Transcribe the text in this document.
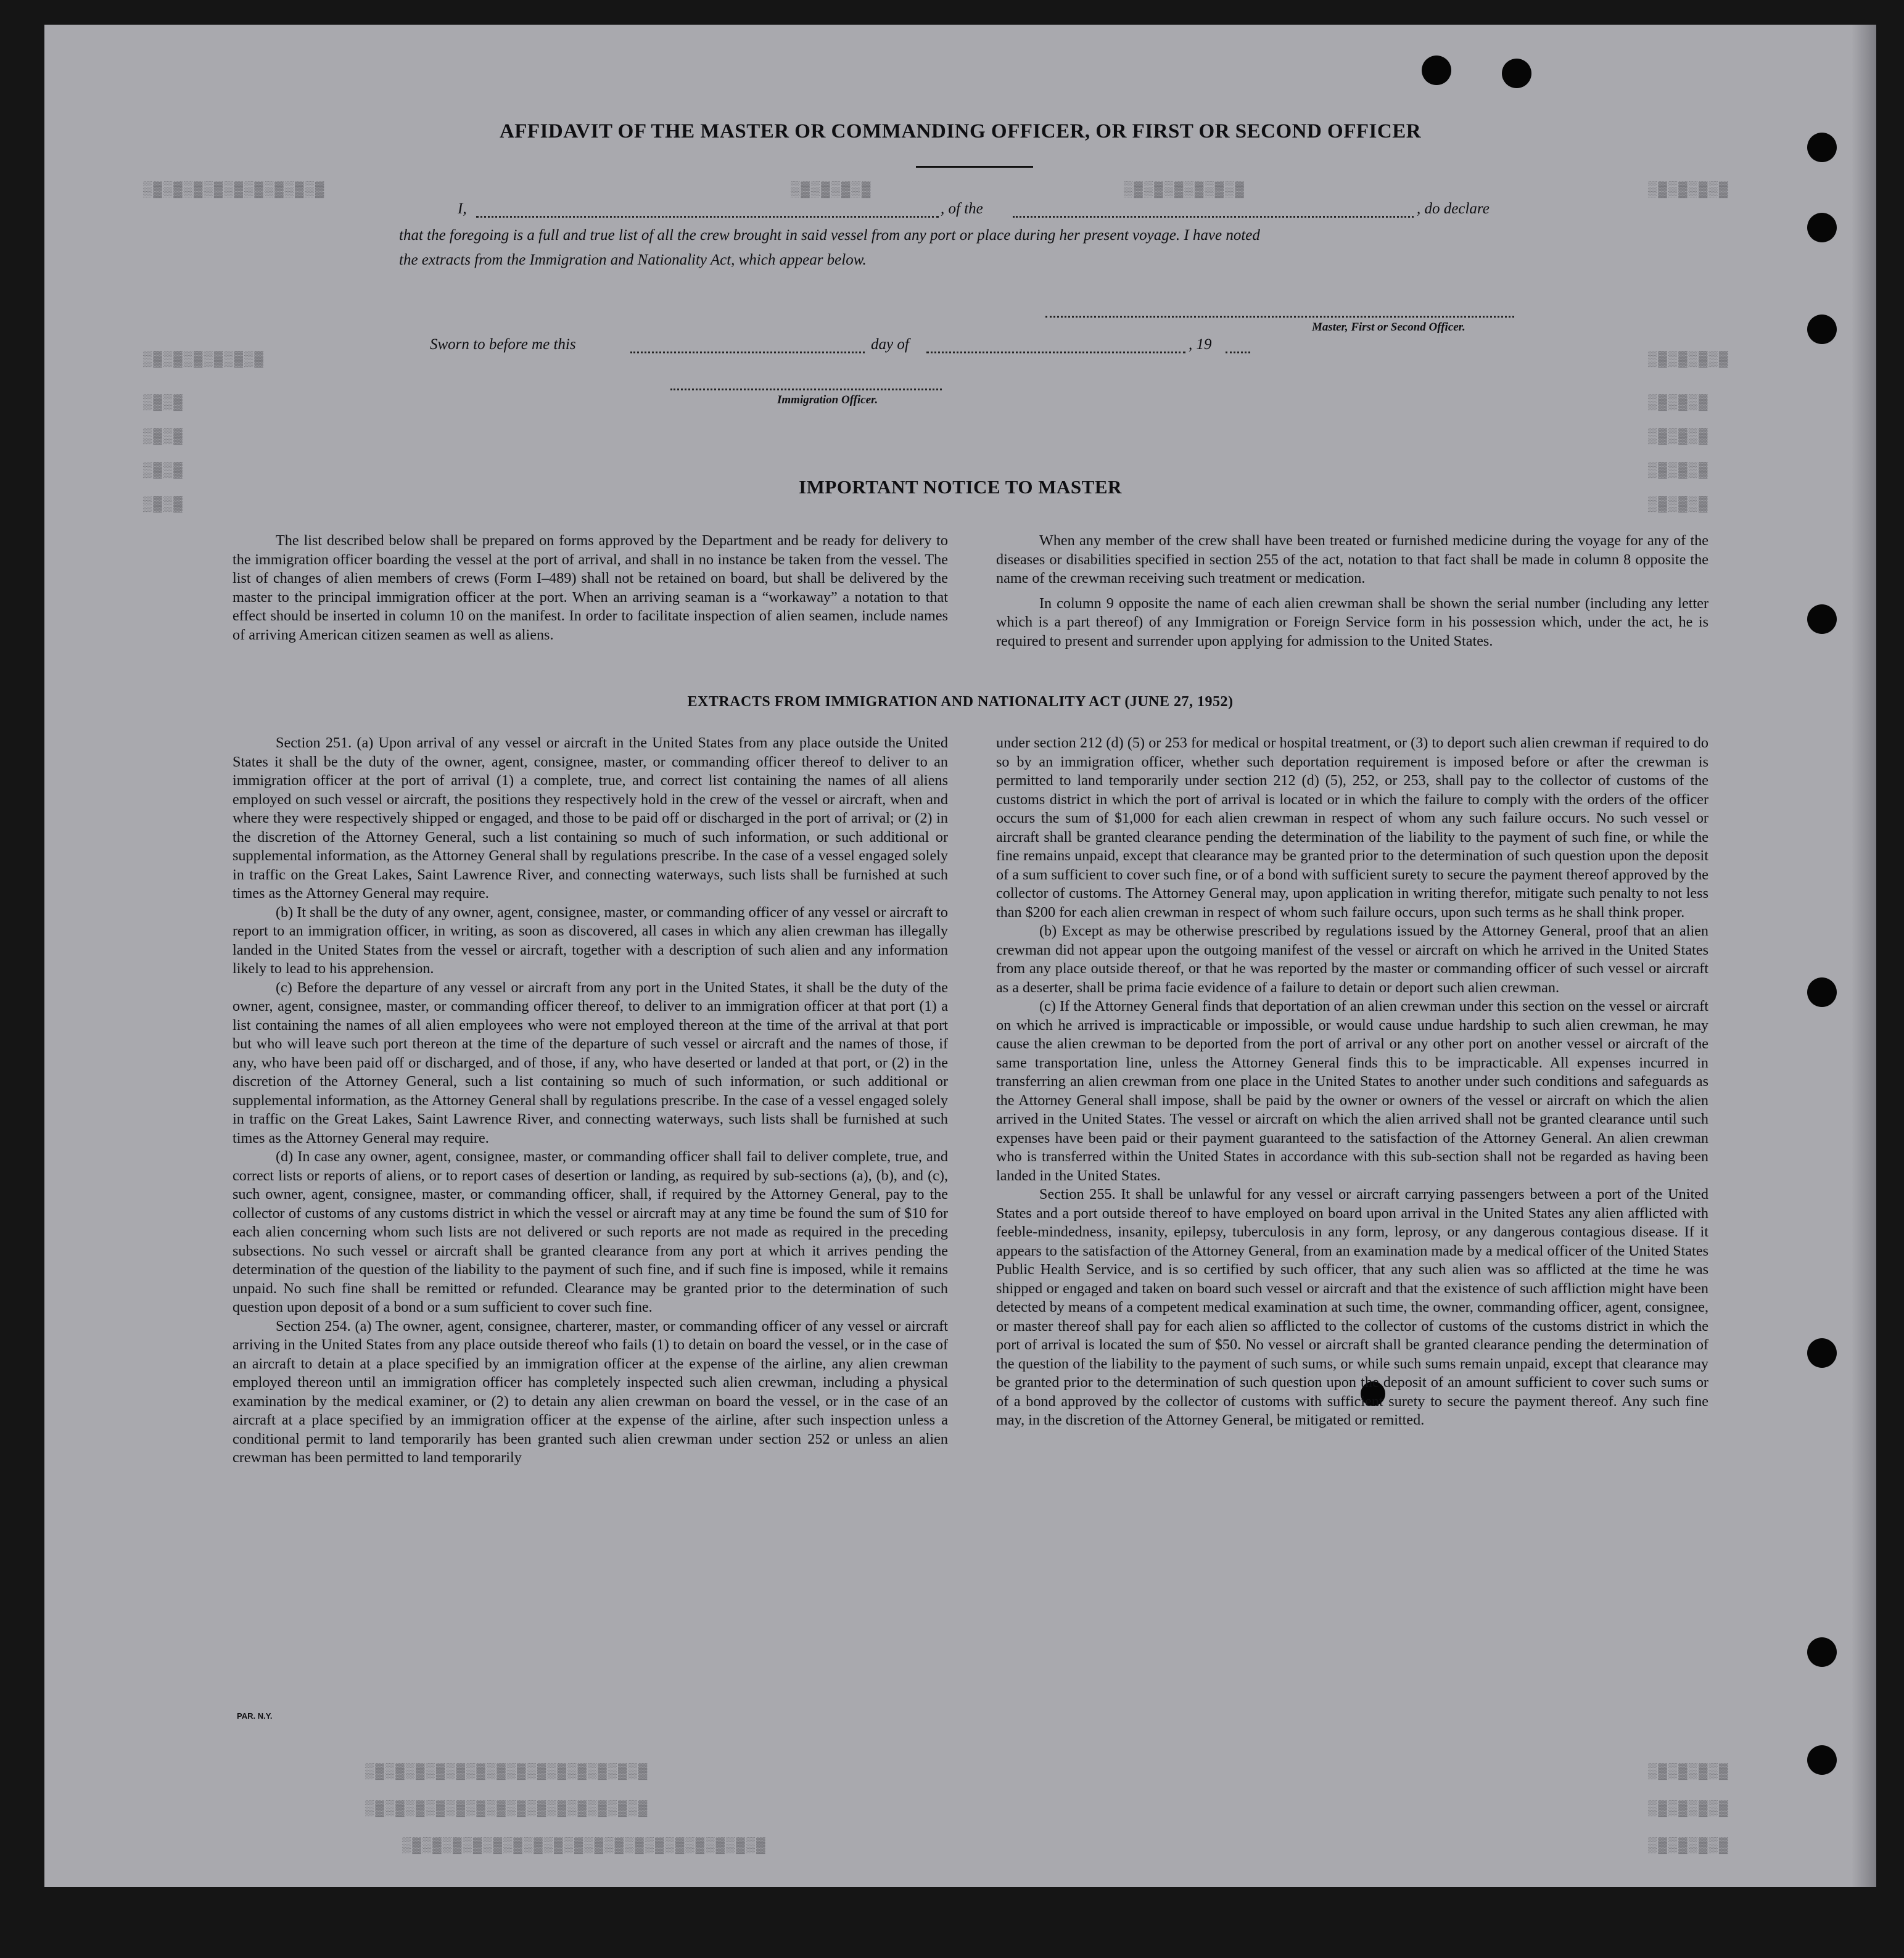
▒▓▒▓▒▓▒▓▒▓▒▓▒▓▒▓▒▓	▒▓▒▓▒▓▒▓	▒▓▒▓▒▓▒▓▒▓▒▓	▒▓▒▓▒▓▒▓
▒▓▒▓▒▓▒▓▒▓▒▓	▒▓▒▓▒▓▒▓
▒▓▒▓
▒▓▒▓
▒▓▒▓
▒▓▒▓
▒▓▒▓▒▓
▒▓▒▓▒▓
▒▓▒▓▒▓
▒▓▒▓▒▓
▒▓▒▓▒▓▒▓▒▓▒▓▒▓▒▓▒▓▒▓▒▓▒▓▒▓▒▓
▒▓▒▓▒▓▒▓▒▓▒▓▒▓▒▓▒▓▒▓▒▓▒▓▒▓▒▓
▒▓▒▓▒▓▒▓▒▓▒▓▒▓▒▓▒▓▒▓▒▓▒▓▒▓▒▓▒▓▒▓▒▓▒▓
▒▓▒▓▒▓▒▓
▒▓▒▓▒▓▒▓
▒▓▒▓▒▓▒▓
AFFIDAVIT OF THE MASTER OR COMMANDING OFFICER, OR FIRST OR SECOND OFFICER
I,	, of the	, do declare
that the foregoing is a full and true list of all the crew brought in said vessel from any port or place during her present voyage. I have noted
the extracts from the Immigration and Nationality Act, which appear below.
Master, First or Second Officer.
Sworn to before me this	day of	, 19
Immigration Officer.
IMPORTANT NOTICE TO MASTER

The list described below shall be prepared on forms approved by the Department and be ready for delivery to the immigration officer boarding the vessel at the port of arrival, and shall in no instance be taken from the vessel. The list of changes of alien members of crews (Form I–489) shall not be retained on board, but shall be delivered by the master to the principal immigration officer at the port. When an arriving seaman is a “workaway” a notation to that effect should be inserted in column 10 on the manifest. In order to facilitate inspection of alien seamen, include names of arriving American citizen seamen as well as aliens.

When any member of the crew shall have been treated or furnished medicine during the voyage for any of the diseases or disabilities specified in section 255 of the act, notation to that fact shall be made in column 8 opposite the name of the crewman receiving such treatment or medication.

In column 9 opposite the name of each alien crewman shall be shown the serial number (including any letter which is a part thereof) of any Immigration or Foreign Service form in his possession which, under the act, he is required to present and surrender upon applying for admission to the United States.

EXTRACTS FROM IMMIGRATION AND NATIONALITY ACT (JUNE 27, 1952)

Section 251. (a) Upon arrival of any vessel or aircraft in the United States from any place outside the United States it shall be the duty of the owner, agent, consignee, master, or commanding officer thereof to deliver to an immigration officer at the port of arrival (1) a complete, true, and correct list containing the names of all aliens employed on such vessel or aircraft, the positions they respectively hold in the crew of the vessel or aircraft, when and where they were respectively shipped or engaged, and those to be paid off or discharged in the port of arrival; or (2) in the discretion of the Attorney General, such a list containing so much of such information, or such additional or supplemental information, as the Attorney General shall by regulations prescribe. In the case of a vessel engaged solely in traffic on the Great Lakes, Saint Lawrence River, and connecting waterways, such lists shall be furnished at such times as the Attorney General may require.

(b) It shall be the duty of any owner, agent, consignee, master, or commanding officer of any vessel or aircraft to report to an immigration officer, in writing, as soon as discovered, all cases in which any alien crewman has illegally landed in the United States from the vessel or aircraft, together with a description of such alien and any information likely to lead to his apprehension.

(c) Before the departure of any vessel or aircraft from any port in the United States, it shall be the duty of the owner, agent, consignee, master, or commanding officer thereof, to deliver to an immigration officer at that port (1) a list containing the names of all alien employees who were not employed thereon at the time of the arrival at that port but who will leave such port thereon at the time of the departure of such vessel or aircraft and the names of those, if any, who have been paid off or discharged, and of those, if any, who have deserted or landed at that port, or (2) in the discretion of the Attorney General, such a list containing so much of such information, or such additional or supplemental information, as the Attorney General shall by regulations prescribe. In the case of a vessel engaged solely in traffic on the Great Lakes, Saint Lawrence River, and connecting waterways, such lists shall be furnished at such times as the Attorney General may require.

(d) In case any owner, agent, consignee, master, or commanding officer shall fail to deliver complete, true, and correct lists or reports of aliens, or to report cases of desertion or landing, as required by sub-sections (a), (b), and (c), such owner, agent, consignee, master, or commanding officer, shall, if required by the Attorney General, pay to the collector of customs of any customs district in which the vessel or aircraft may at any time be found the sum of $10 for each alien concerning whom such lists are not delivered or such reports are not made as required in the preceding subsections. No such vessel or aircraft shall be granted clearance from any port at which it arrives pending the determination of the question of the liability to the payment of such fine, and if such fine is imposed, while it remains unpaid. No such fine shall be remitted or refunded. Clearance may be granted prior to the determination of such question upon deposit of a bond or a sum sufficient to cover such fine.

Section 254. (a) The owner, agent, consignee, charterer, master, or commanding officer of any vessel or aircraft arriving in the United States from any place outside thereof who fails (1) to detain on board the vessel, or in the case of an aircraft to detain at a place specified by an immigration officer at the expense of the airline, any alien crewman employed thereon until an immigration officer has completely inspected such alien crewman, including a physical examination by the medical examiner, or (2) to detain any alien crewman on board the vessel, or in the case of an aircraft at a place specified by an immigration officer at the expense of the airline, after such inspection unless a conditional permit to land temporarily has been granted such alien crewman under section 252 or unless an alien crewman has been permitted to land temporarily

under section 212 (d) (5) or 253 for medical or hospital treatment, or (3) to deport such alien crewman if required to do so by an immigration officer, whether such deportation requirement is imposed before or after the crewman is permitted to land temporarily under section 212 (d) (5), 252, or 253, shall pay to the collector of customs of the customs district in which the port of arrival is located or in which the failure to comply with the orders of the officer occurs the sum of $1,000 for each alien crewman in respect of whom any such failure occurs. No such vessel or aircraft shall be granted clearance pending the determination of the liability to the payment of such fine, or while the fine remains unpaid, except that clearance may be granted prior to the determination of such question upon the deposit of a sum sufficient to cover such fine, or of a bond with sufficient surety to secure the payment thereof approved by the collector of customs. The Attorney General may, upon application in writing therefor, mitigate such penalty to not less than $200 for each alien crewman in respect of whom such failure occurs, upon such terms as he shall think proper.

(b) Except as may be otherwise prescribed by regulations issued by the Attorney General, proof that an alien crewman did not appear upon the outgoing manifest of the vessel or aircraft on which he arrived in the United States from any place outside thereof, or that he was reported by the master or commanding officer of such vessel or aircraft as a deserter, shall be prima facie evidence of a failure to detain or deport such alien crewman.

(c) If the Attorney General finds that deportation of an alien crewman under this section on the vessel or aircraft on which he arrived is impracticable or impossible, or would cause undue hardship to such alien crewman, he may cause the alien crewman to be deported from the port of arrival or any other port on another vessel or aircraft of the same transportation line, unless the Attorney General finds this to be impracticable. All expenses incurred in transferring an alien crewman from one place in the United States to another under such conditions and safeguards as the Attorney General shall impose, shall be paid by the owner or owners of the vessel or aircraft on which the alien arrived in the United States. The vessel or aircraft on which the alien arrived shall not be granted clearance until such expenses have been paid or their payment guaranteed to the satisfaction of the Attorney General. An alien crewman who is transferred within the United States in accordance with this sub-section shall not be regarded as having been landed in the United States.

Section 255. It shall be unlawful for any vessel or aircraft carrying passengers between a port of the United States and a port outside thereof to have employed on board upon arrival in the United States any alien afflicted with feeble-mindedness, insanity, epilepsy, tuberculosis in any form, leprosy, or any dangerous contagious disease. If it appears to the satisfaction of the Attorney General, from an examination made by a medical officer of the United States Public Health Service, and is so certified by such officer, that any such alien was so afflicted at the time he was shipped or engaged and taken on board such vessel or aircraft and that the existence of such affliction might have been detected by means of a competent medical examination at such time, the owner, commanding officer, agent, consignee, or master thereof shall pay for each alien so afflicted to the collector of customs of the customs district in which the port of arrival is located the sum of $50. No vessel or aircraft shall be granted clearance pending the determination of the question of the liability to the payment of such sums, or while such sums remain unpaid, except that clearance may be granted prior to the determination of such question upon the deposit of an amount sufficient to cover such sums or of a bond approved by the collector of customs with sufficient surety to secure the payment thereof. Any such fine may, in the discretion of the Attorney General, be mitigated or remitted.

PAR. N.Y.
